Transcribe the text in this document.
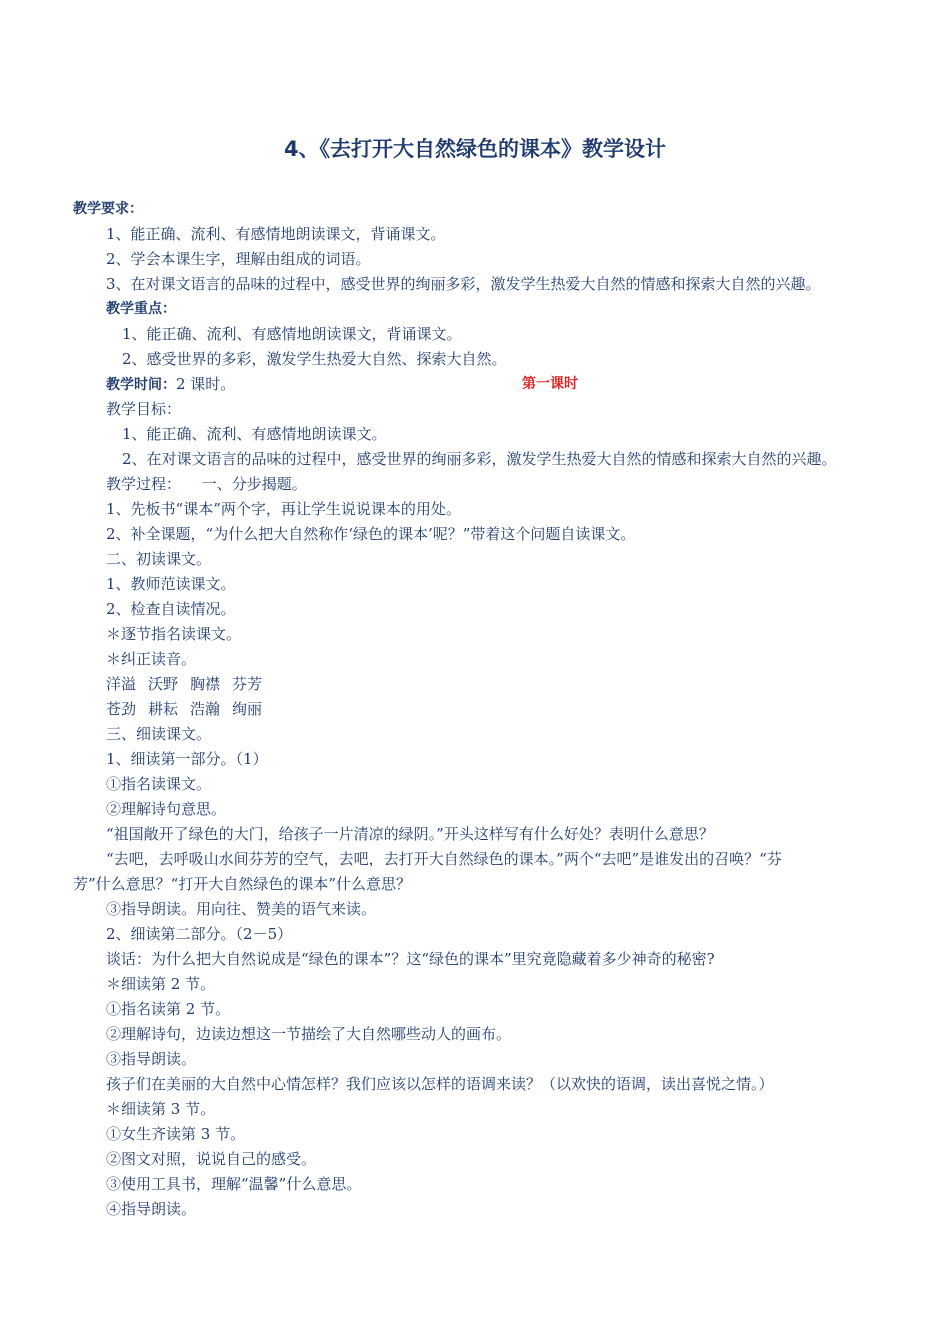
4、《去打开大自然绿色的课本》教学设计
教学要求：
1、能正确、流利、有感情地朗读课文，背诵课文。
2、学会本课生字，理解由组成的词语。
3、在对课文语言的品味的过程中，感受世界的绚丽多彩，激发学生热爱大自然的情感和探索大自然的兴趣。
教学重点：
1、能正确、流利、有感情地朗读课文，背诵课文。
2、感受世界的多彩，激发学生热爱大自然、探索大自然。
教学时间：2 课时。	第一课时
教学目标：
1、能正确、流利、有感情地朗读课文。
2、在对课文语言的品味的过程中，感受世界的绚丽多彩，激发学生热爱大自然的情感和探索大自然的兴趣。
教学过程： 一、分步揭题。
1、先板书“课本”两个字，再让学生说说课本的用处。
2、补全课题，“为什么把大自然称作‘绿色的课本’呢？”带着这个问题自读课文。
二、初读课文。
1、教师范读课文。
2、检查自读情况。
＊逐节指名读课文。
＊纠正读音。
洋溢 沃野 胸襟 芬芳
苍劲 耕耘 浩瀚 绚丽
三、细读课文。
1、细读第一部分。（1）
①指名读课文。
②理解诗句意思。
“祖国敞开了绿色的大门，给孩子一片清凉的绿阴。”开头这样写有什么好处？表明什么意思？
“去吧，去呼吸山水间芬芳的空气，去吧，去打开大自然绿色的课本。”两个“去吧”是谁发出的召唤？“芬
芳”什么意思？“打开大自然绿色的课本”什么意思？
③指导朗读。用向往、赞美的语气来读。
2、细读第二部分。（2－5）
谈话：为什么把大自然说成是“绿色的课本”？这“绿色的课本”里究竟隐藏着多少神奇的秘密?
＊细读第 2 节。
①指名读第 2 节。
②理解诗句，边读边想这一节描绘了大自然哪些动人的画布。
③指导朗读。
孩子们在美丽的大自然中心情怎样？我们应该以怎样的语调来读？（以欢快的语调，读出喜悦之情。）
＊细读第 3 节。
①女生齐读第 3 节。
②图文对照，说说自己的感受。
③使用工具书，理解“温馨”什么意思。
④指导朗读。
